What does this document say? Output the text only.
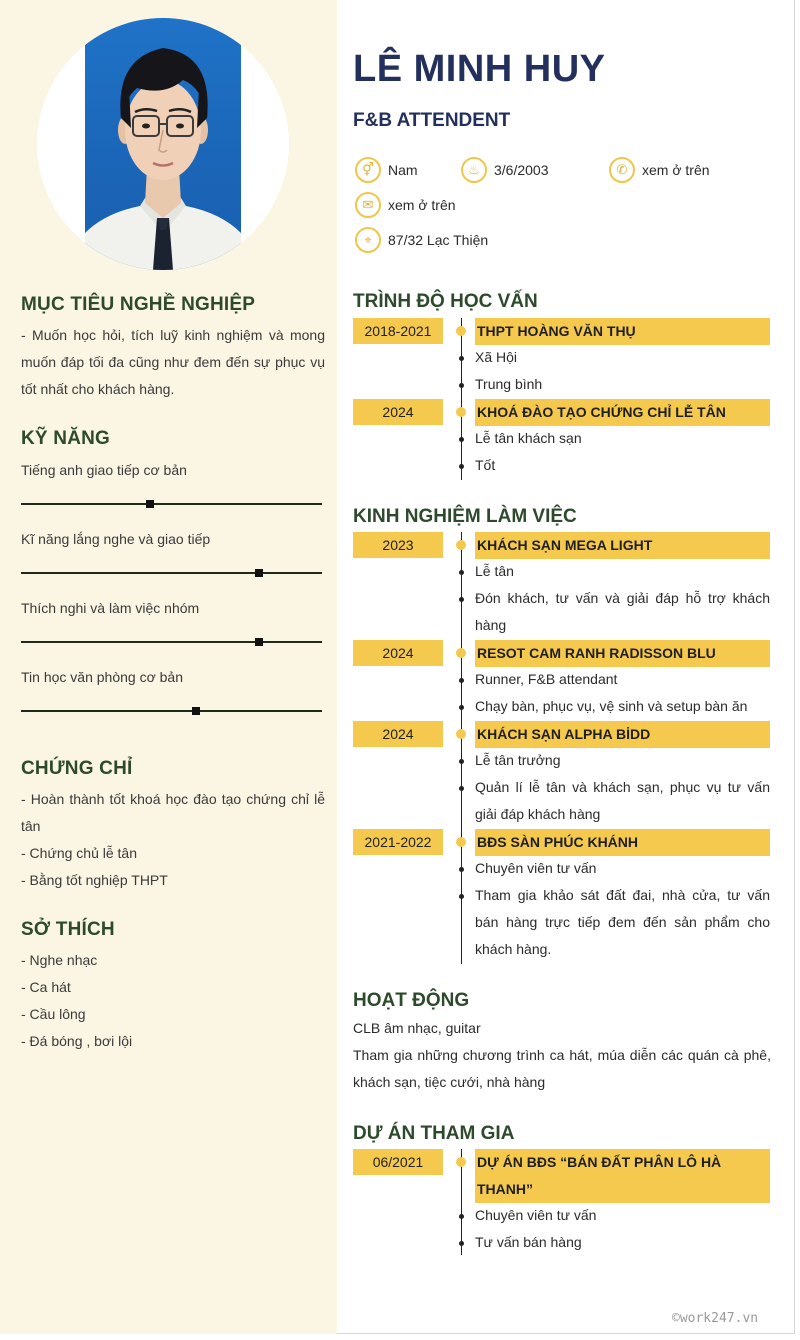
MỤC TIÊU NGHỀ NGHIỆP
- Muốn học hỏi, tích luỹ kinh nghiệm và mong muốn đáp tối đa cũng như đem đến sự phục vụ tốt nhất cho khách hàng.
KỸ NĂNG
Tiếng anh giao tiếp cơ bản
Kĩ năng lắng nghe và giao tiếp
Thích nghi và làm việc nhóm
Tin học văn phòng cơ bản
CHỨNG CHỈ
- Hoàn thành tốt khoá học đào tạo chứng chỉ lễ tân
- Chứng chủ lễ tân
- Bằng tốt nghiệp THPT
SỞ THÍCH
- Nghe nhạc
- Ca hát
- Cầu lông
- Đá bóng , bơi lội
LÊ MINH HUY
F&B ATTENDENT
⚥	Nam	♨	3/6/2003	✆	xem ở trên
✉	xem ở trên
⌖	87/32 Lạc Thiện
TRÌNH ĐỘ HỌC VẤN
2018-2021	THPT HOÀNG VĂN THỤ
Xã Hội
Trung bình
2024	KHOÁ ĐÀO TẠO CHỨNG CHỈ LỄ TÂN
Lễ tân khách sạn
Tốt
KINH NGHIỆM LÀM VIỆC
2023	KHÁCH SẠN MEGA LIGHT
Lễ tân
Đón khách, tư vấn và giải đáp hỗ trợ khách hàng
2024	RESOT CAM RANH RADISSON BLU
Runner, F&B attendant
Chạy bàn, phục vụ, vệ sinh và setup bàn ăn
2024	KHÁCH SẠN ALPHA BİDD
Lễ tân trưởng
Quản lí lễ tân và khách sạn, phục vụ tư vấn giải đáp khách hàng
2021-2022	BĐS SÀN PHÚC KHÁNH
Chuyên viên tư vấn
Tham gia khảo sát đất đai, nhà cửa, tư vấn bán hàng trực tiếp đem đến sản phẩm cho khách hàng.
HOẠT ĐỘNG
CLB âm nhạc, guitar
Tham gia những chương trình ca hát, múa diễn các quán cà phê, khách sạn, tiệc cưới, nhà hàng
DỰ ÁN THAM GIA
06/2021	DỰ ÁN BĐS “BÁN ĐẤT PHÂN LÔ HÀ THANH”
Chuyên viên tư vấn
Tư vấn bán hàng
©work247.vn
